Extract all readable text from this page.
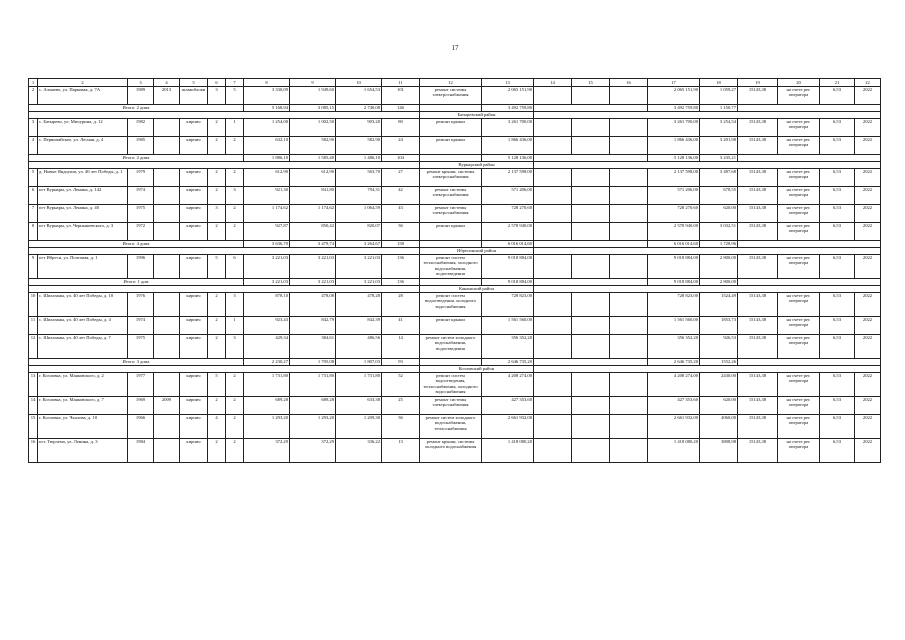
17
1	2	3	4	5	6	7	8	9	10	11	12	13	14	15	16	17	18	19	20	21	22
2	с. Алмаево, ул. Парковая, д. 7А	1989	2013	шлакоблоки	3	5	3 330,09	1 949,60	1 654,53	101	ремонт системы электроснабжения	2 065 151,90				2 065 151,90	1 059,27	15143,38	на счете рег. оператора	6,53	2022
Итого: 2 дома							5 168,94	3 085,15	2 740,08	146		3 492 759,80				3 492 759,80	1 150,77				
											Батыревский район										
3	с. Батырево, ул. Мичурина, д. 12	1982		кирпич	2	1	1 254,00	1 002,50	903,20	80	ремонт крыши	3 261 700,00				3 261 700,00	3 254,54	15143,38	на счете рег. оператора	6,53	2022
4	с. Первомайское, ул. Лесная, д. 4	1985		кирпич	2	2	632,10	582,90	582,90	24	ремонт крыши	1 866 436,00				1 866 436,00	3 201,98	15143,38	на счете рег. оператора	6,53	2022
Итого: 2 дома							1 886,10	1 585,40	1 486,10	104		5 128 136,00				5 128 136,00	3 235,21				
											Вурнарский район										
5	д. Новые Яндоуши, ул. 40 лет Победы, д. 1	1979		кирпич	2	2	612,90	612,90	563,70	27	ремонт крыши, системы электроснабжения	2 137 598,00				2 137 598,00	3 487,68	15143,38	на счете рег. оператора	6,53	2022
6	пгт Вурнары, ул. Ленина, д. 142	1974		кирпич	2	3	921,30	841,80	794,31	42	ремонт системы электроснабжения	571 206,00				571 206,00	678,55	15143,38	на счете рег. оператора	6,53	2022
7	пгт Вурнары, ул. Ленина, д. 40	1975		кирпич	3	2	1 174,62	1 174,62	1 064,59	43	ремонт системы электроснабжения	728 270,60				728 270,60	620,00	15143,38	на счете рег. оператора	6,53	2022
8	пгт Вурнары, ул. Чернышевского, д. 3	1972		кирпич	2	2	927,87	850,42	820,07	36	ремонт крыши	2 578 940,00				2 578 940,00	3 032,51	15143,38	на счете рег. оператора	6,53	2022
Итого: 4 дома							3 636,70	3 479,74	3 264,67	158		6 016 014,60				6 016 014,60	1 728,96				
											Ибресинский район										
9	пгт Ибреси, ул. Почтовая, д. 1	1996		кирпич	5	6	3 221,03	3 221,03	3 221,03	136	ремонт систем теплоснабжения, холодного водоснабжения, водоотведения	9 018 884,00				9 018 884,00	2 800,00	15143,38	на счете рег. оператора	6,53	2022
Итого: 1 дом							3 221,03	3 221,03	3 221,03	136		9 018 884,00				9 018 884,00	2 800,00				
											Канашский район										
10	с. Шихазаны, ул. 40 лет Победы, д. 10	1976		кирпич	2	3	878,10	478,08	478,28	28	ремонт систем водоотведения, холодного водоснабжения	728 823,00				728 823,00	1524,49	15143,38	на счете рег. оператора	6,53	2022
11	с. Шихазаны, ул. 40 лет Победы, д. 4	1974		кирпич	2	1	923,43	842,79	842,39	41	ремонт крыши	1 561 560,00				1 561 560,00	1853,73	15143,38	на счете рег. оператора	6,53	2022
12	с. Шихазаны, ул. 40 лет Победы, д. 7	1975		кирпич	2	3	429,34	384,61	486,56	14	ремонт систем холодного водоснабжения, водоотведения	356 352,20				356 352,20	926,53	15143,38	на счете рег. оператора	6,53	2022
Итого: 3 дома							2 230,27	1 705,08	1 807,03	93		2 646 735,20				2 646 735,20	1552,26				
											Козловский район										
13	г. Козловка, ул. Маяковского, д. 2	1977		кирпич	5	2	1 731,80	1 731,80	1 731,80	52	ремонт систем водоотведения, теплоснабжения, холодного водоснабжения	4 208 274,00				4 208 274,00	2430,00	15143,38	на счете рег. оператора	6,53	2022
14	г. Козловка, ул. Маяковского, д. 7	1969	2009	кирпич	2	2	689,28	689,28	633,38	25	ремонт системы электроснабжения	427 353,60				427 353,60	620,00	15143,38	на счете рег. оператора	6,53	2022
15	г. Козловка, ул. Чкалова, д. 10	1966		кирпич	4	2	1 293,20	1 293,20	1 209,30	36	ремонт систем холодного водоснабжения, теплоснабжения	2 661 932,00				2 661 932,00	2060,00	15143,38	на счете рег. оператора	6,53	2022
16	пгт. Тюрлема, ул. Ленина, д. 3	1984		кирпич	2	2	372,29	372,29	336,22	13	ремонт крыши, системы холодного водоснабжения	1 418 080,20				1 418 080,20	3808,98	15143,38	на счете рег. оператора	6,53	2022
